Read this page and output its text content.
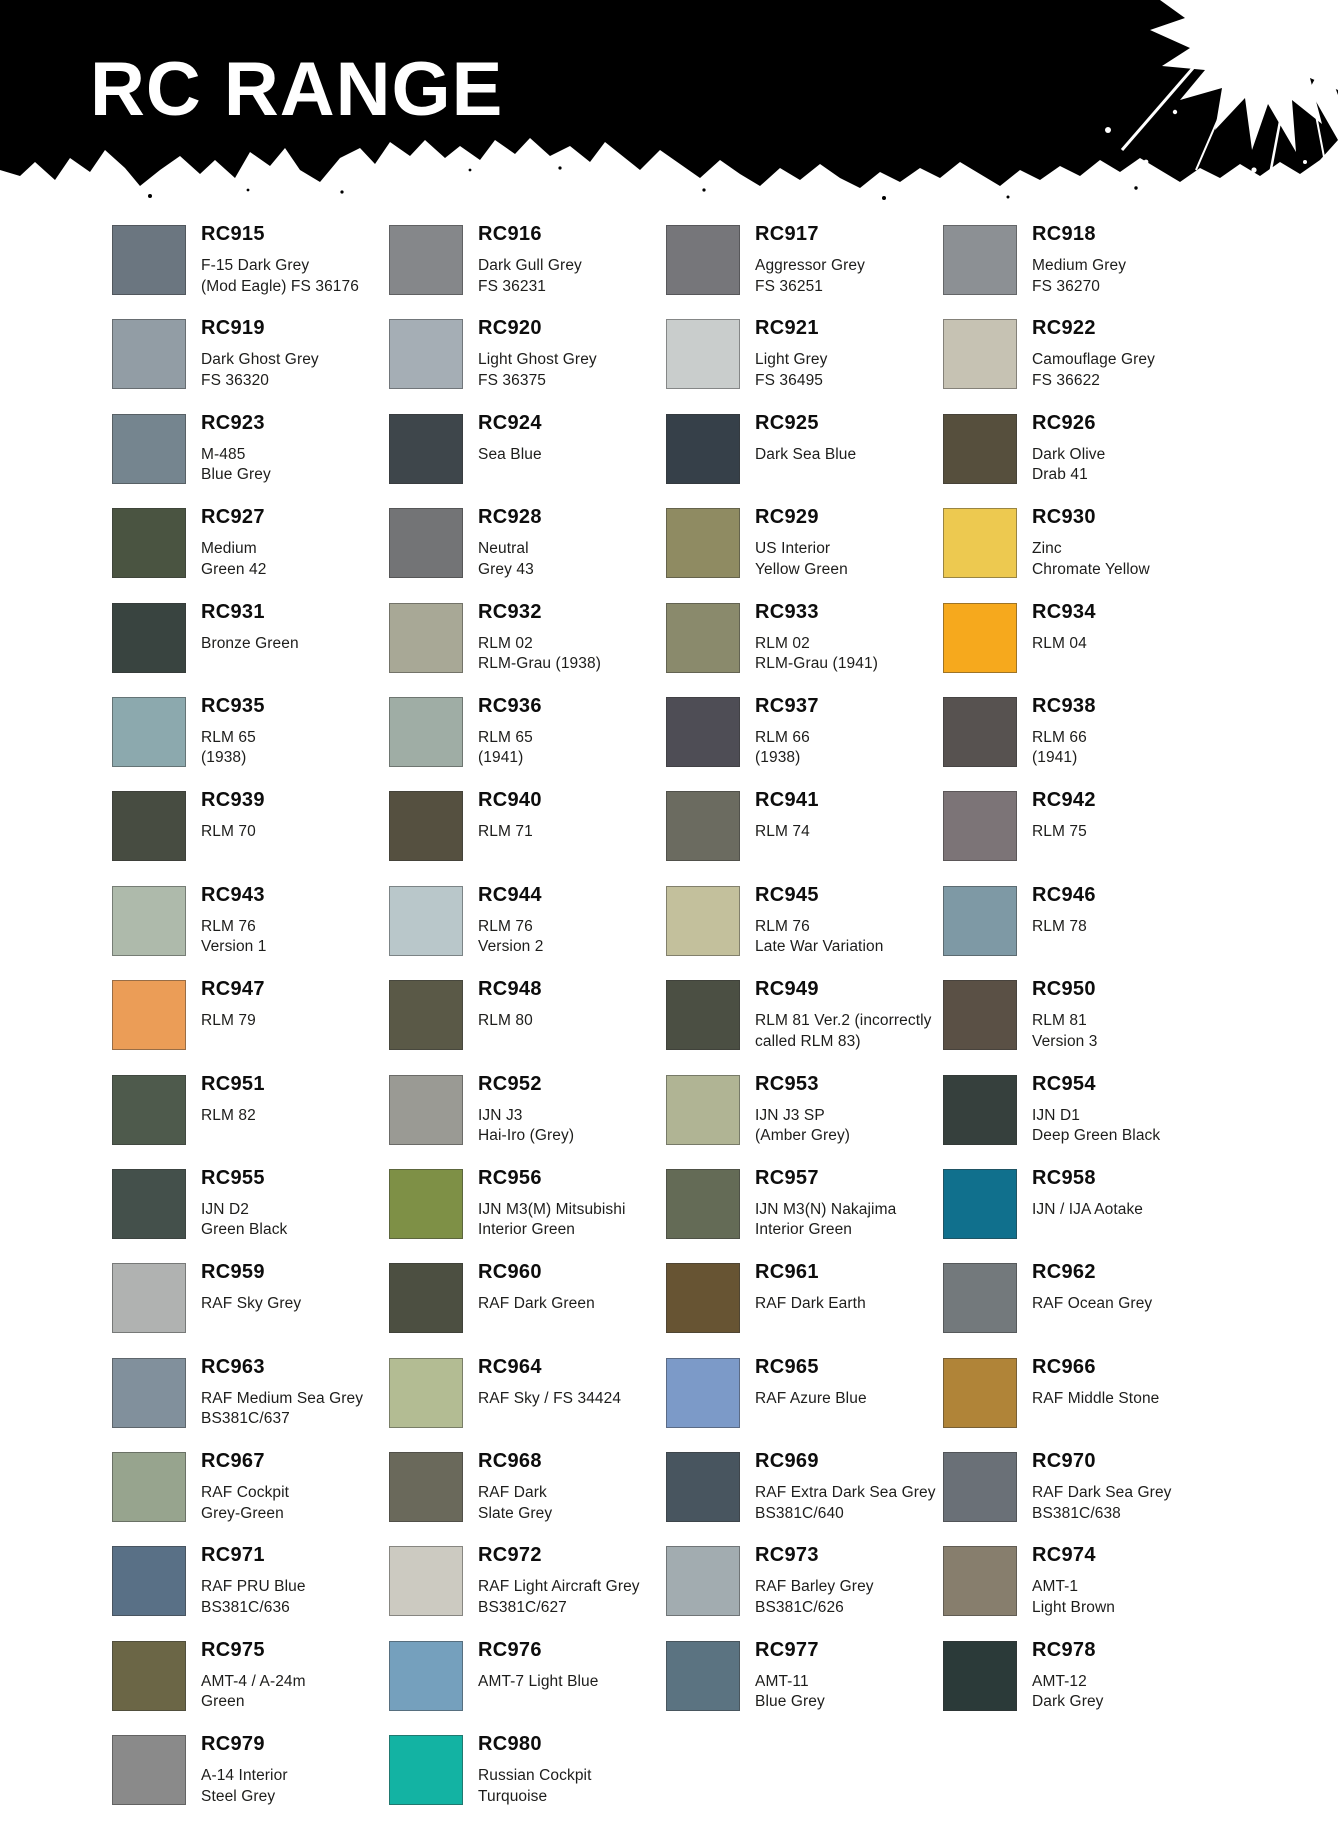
RC RANGE
RC915
F-15 Dark Grey
(Mod Eagle) FS 36176
RC916
Dark Gull Grey
FS 36231
RC917
Aggressor Grey
FS 36251
RC918
Medium Grey
FS 36270
RC919
Dark Ghost Grey
FS 36320
RC920
Light Ghost Grey
FS 36375
RC921
Light Grey
FS 36495
RC922
Camouflage Grey
FS 36622
RC923
M-485
Blue Grey
RC924
Sea Blue
RC925
Dark Sea Blue
RC926
Dark Olive
Drab 41
RC927
Medium
Green 42
RC928
Neutral
Grey 43
RC929
US Interior
Yellow Green
RC930
Zinc
Chromate Yellow
RC931
Bronze Green
RC932
RLM 02
RLM-Grau (1938)
RC933
RLM 02
RLM-Grau (1941)
RC934
RLM 04
RC935
RLM 65
(1938)
RC936
RLM 65
(1941)
RC937
RLM 66
(1938)
RC938
RLM 66
(1941)
RC939
RLM 70
RC940
RLM 71
RC941
RLM 74
RC942
RLM 75
RC943
RLM 76
Version 1
RC944
RLM 76
Version 2
RC945
RLM 76
Late War Variation
RC946
RLM 78
RC947
RLM 79
RC948
RLM 80
RC949
RLM 81 Ver.2 (incorrectly
called RLM 83)
RC950
RLM 81
Version 3
RC951
RLM 82
RC952
IJN J3
Hai-Iro (Grey)
RC953
IJN J3 SP
(Amber Grey)
RC954
IJN D1
Deep Green Black
RC955
IJN D2
Green Black
RC956
IJN M3(M) Mitsubishi
Interior Green
RC957
IJN M3(N) Nakajima
Interior Green
RC958
IJN / IJA Aotake
RC959
RAF Sky Grey
RC960
RAF Dark Green
RC961
RAF Dark Earth
RC962
RAF Ocean Grey
RC963
RAF Medium Sea Grey
BS381C/637
RC964
RAF Sky / FS 34424
RC965
RAF Azure Blue
RC966
RAF Middle Stone
RC967
RAF Cockpit
Grey-Green
RC968
RAF Dark
Slate Grey
RC969
RAF Extra Dark Sea Grey
BS381C/640
RC970
RAF Dark Sea Grey
BS381C/638
RC971
RAF PRU Blue
BS381C/636
RC972
RAF Light Aircraft Grey
BS381C/627
RC973
RAF Barley Grey
BS381C/626
RC974
AMT-1
Light Brown
RC975
AMT-4 / A-24m
Green
RC976
AMT-7 Light Blue
RC977
AMT-11
Blue Grey
RC978
AMT-12
Dark Grey
RC979
A-14 Interior
Steel Grey
RC980
Russian Cockpit Turquoise
